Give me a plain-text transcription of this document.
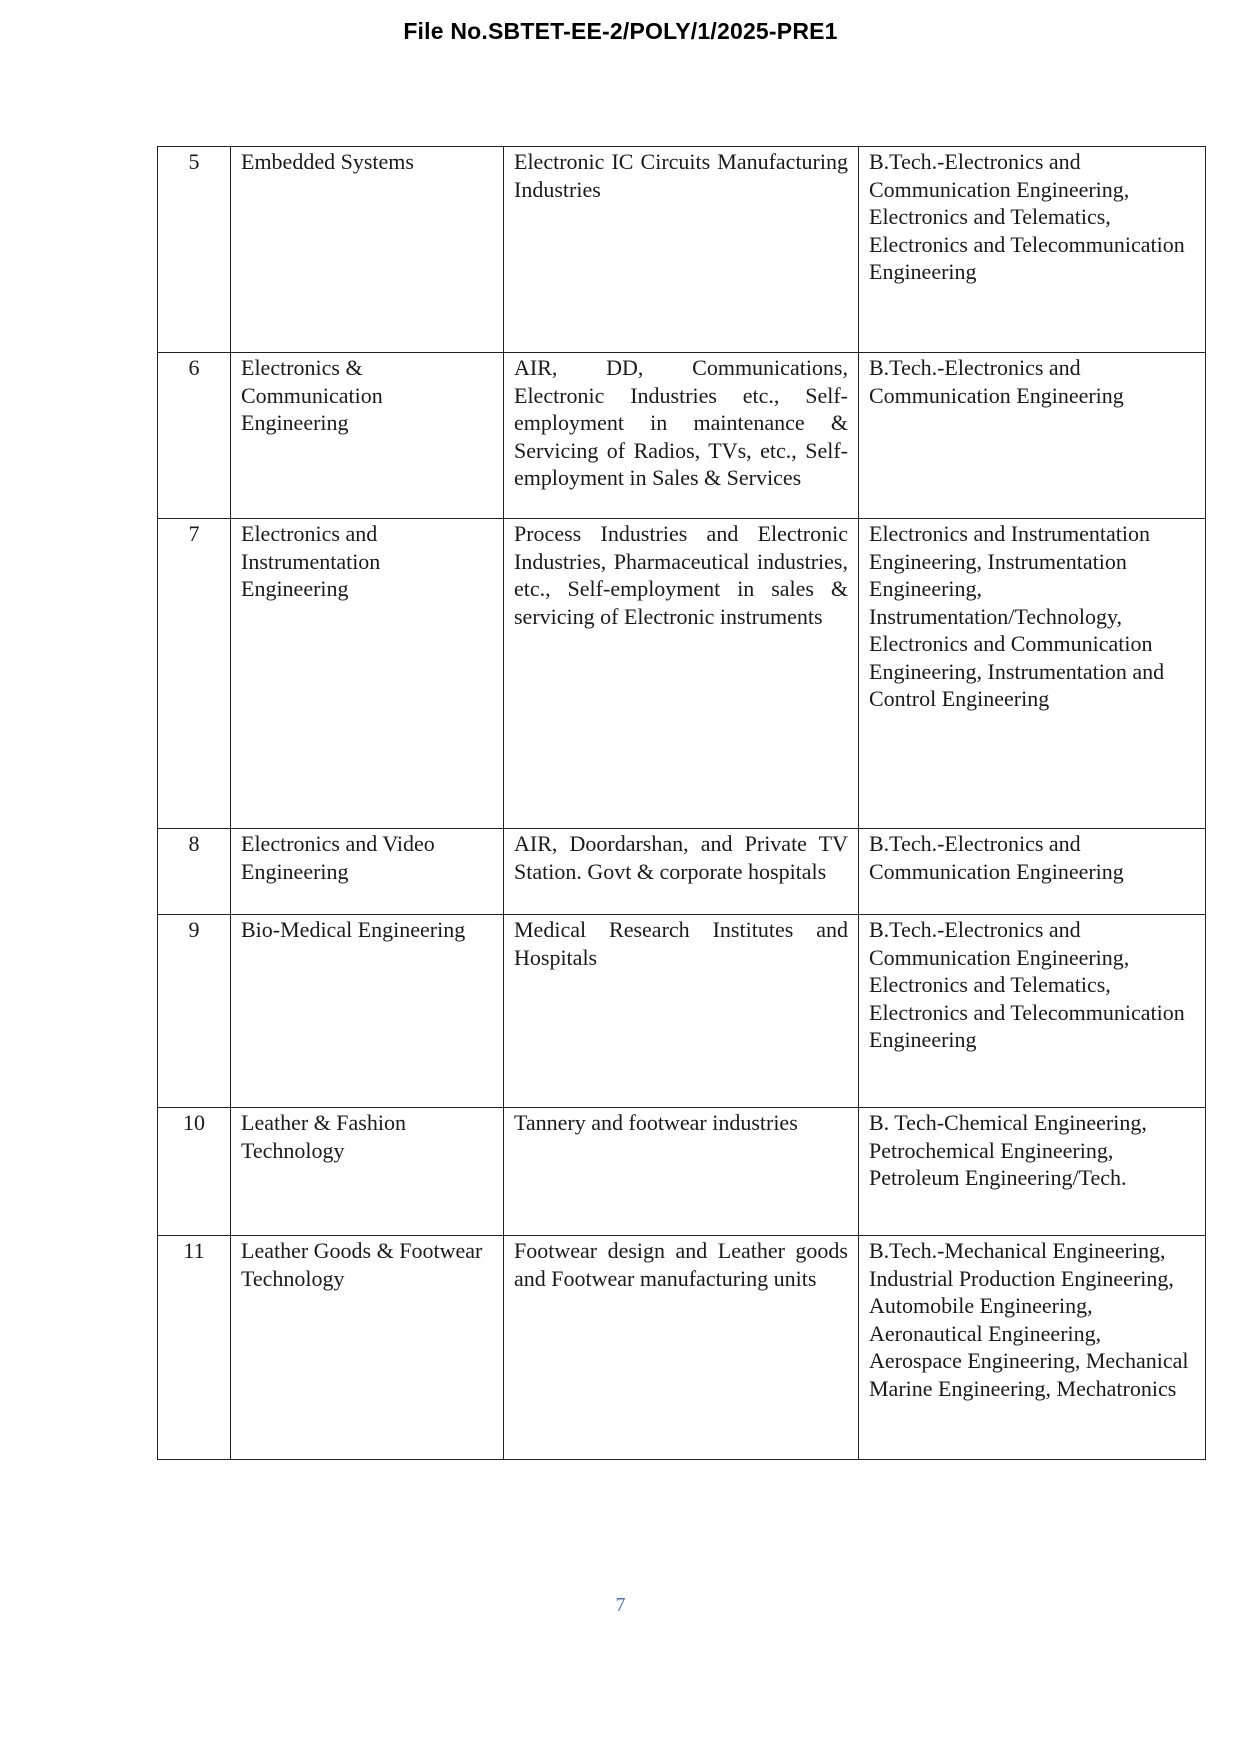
File No.SBTET-EE-2/POLY/1/2025-PRE1
5	Embedded Systems	Electronic IC Circuits Manufacturing Industries	B.Tech.-Electronics and Communication Engineering, Electronics and Telematics, Electronics and Telecommunication Engineering
6	Electronics & Communication Engineering	AIR, DD, Communications, Electronic Industries etc., Self-employment in maintenance & Servicing of Radios, TVs, etc., Self- employment in Sales & Services	B.Tech.-Electronics and Communication Engineering
7	Electronics and Instrumentation Engineering	Process Industries and Electronic Industries, Pharmaceutical industries, etc., Self-employment in sales & servicing of Electronic instruments	Electronics and Instrumentation Engineering, Instrumentation Engineering, Instrumentation/Technology, Electronics and Communication Engineering, Instrumentation and Control Engineering
8	Electronics and Video Engineering	AIR, Doordarshan, and Private TV Station. Govt & corporate hospitals	B.Tech.-Electronics and Communication Engineering
9	Bio-Medical Engineering	Medical Research Institutes and Hospitals	B.Tech.-Electronics and Communication Engineering, Electronics and Telematics, Electronics and Telecommunication Engineering
10	Leather & Fashion Technology	Tannery and footwear industries	B. Tech-Chemical Engineering, Petrochemical Engineering, Petroleum Engineering/Tech.
11	Leather Goods & Footwear Technology	Footwear design and Leather goods and Footwear manufacturing units	B.Tech.-Mechanical Engineering, Industrial Production Engineering, Automobile Engineering, Aeronautical Engineering, Aerospace Engineering, Mechanical Marine Engineering, Mechatronics
7
